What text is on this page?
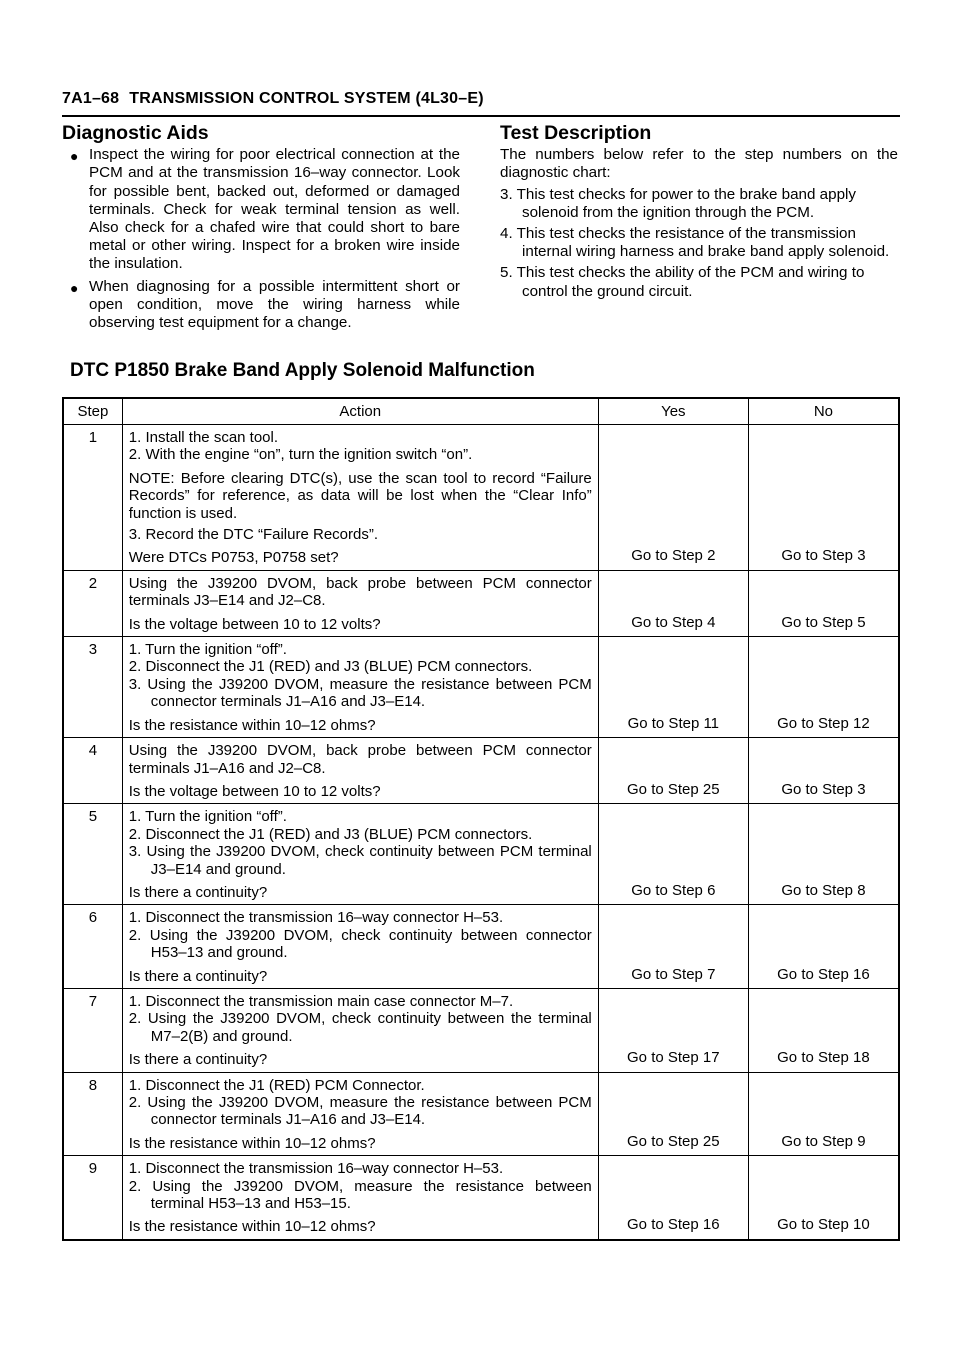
7A1–68 TRANSMISSION CONTROL SYSTEM (4L30–E)
Diagnostic Aids
● Inspect the wiring for poor electrical connection at the PCM and at the transmission 16–way connector. Look for possible bent, backed out, deformed or damaged terminals. Check for weak terminal tension as well. Also check for a chafed wire that could short to bare metal or other wiring. Inspect for a broken wire inside the insulation.
● When diagnosing for a possible intermittent short or open condition, move the wiring harness while observing test equipment for a change.
Test Description
The numbers below refer to the step numbers on the diagnostic chart:
3. This test checks for power to the brake band apply solenoid from the ignition through the PCM.
4. This test checks the resistance of the transmission internal wiring harness and brake band apply solenoid.
5. This test checks the ability of the PCM and wiring to control the ground circuit.
DTC P1850 Brake Band Apply Solenoid Malfunction
Step	Action	Yes	No
1	1. Install the scan tool.
2. With the engine “on”, turn the ignition switch “on”.
NOTE: Before clearing DTC(s), use the scan tool to record “Failure Records” for reference, as data will be lost when the “Clear Info” function is used.
3. Record the DTC “Failure Records”.
Were DTCs P0753, P0758 set?	Go to Step 2	Go to Step 3
2	Using the J39200 DVOM, back probe between PCM connector terminals J3–E14 and J2–C8.
Is the voltage between 10 to 12 volts?	Go to Step 4	Go to Step 5
3	1. Turn the ignition “off”.
2. Disconnect the J1 (RED) and J3 (BLUE) PCM connectors.
3. Using the J39200 DVOM, measure the resistance between PCM connector terminals J1–A16 and J3–E14.
Is the resistance within 10–12 ohms?	Go to Step 11	Go to Step 12
4	Using the J39200 DVOM, back probe between PCM connector terminals J1–A16 and J2–C8.
Is the voltage between 10 to 12 volts?	Go to Step 25	Go to Step 3
5	1. Turn the ignition “off”.
2. Disconnect the J1 (RED) and J3 (BLUE) PCM connectors.
3. Using the J39200 DVOM, check continuity between PCM terminal J3–E14 and ground.
Is there a continuity?	Go to Step 6	Go to Step 8
6	1. Disconnect the transmission 16–way connector H–53.
2. Using the J39200 DVOM, check continuity between connector H53–13 and ground.
Is there a continuity?	Go to Step 7	Go to Step 16
7	1. Disconnect the transmission main case connector M–7.
2. Using the J39200 DVOM, check continuity between the terminal M7–2(B) and ground.
Is there a continuity?	Go to Step 17	Go to Step 18
8	1. Disconnect the J1 (RED) PCM Connector.
2. Using the J39200 DVOM, measure the resistance between PCM connector terminals J1–A16 and J3–E14.
Is the resistance within 10–12 ohms?	Go to Step 25	Go to Step 9
9	1. Disconnect the transmission 16–way connector H–53.
2. Using the J39200 DVOM, measure the resistance between terminal H53–13 and H53–15.
Is the resistance within 10–12 ohms?	Go to Step 16	Go to Step 10
